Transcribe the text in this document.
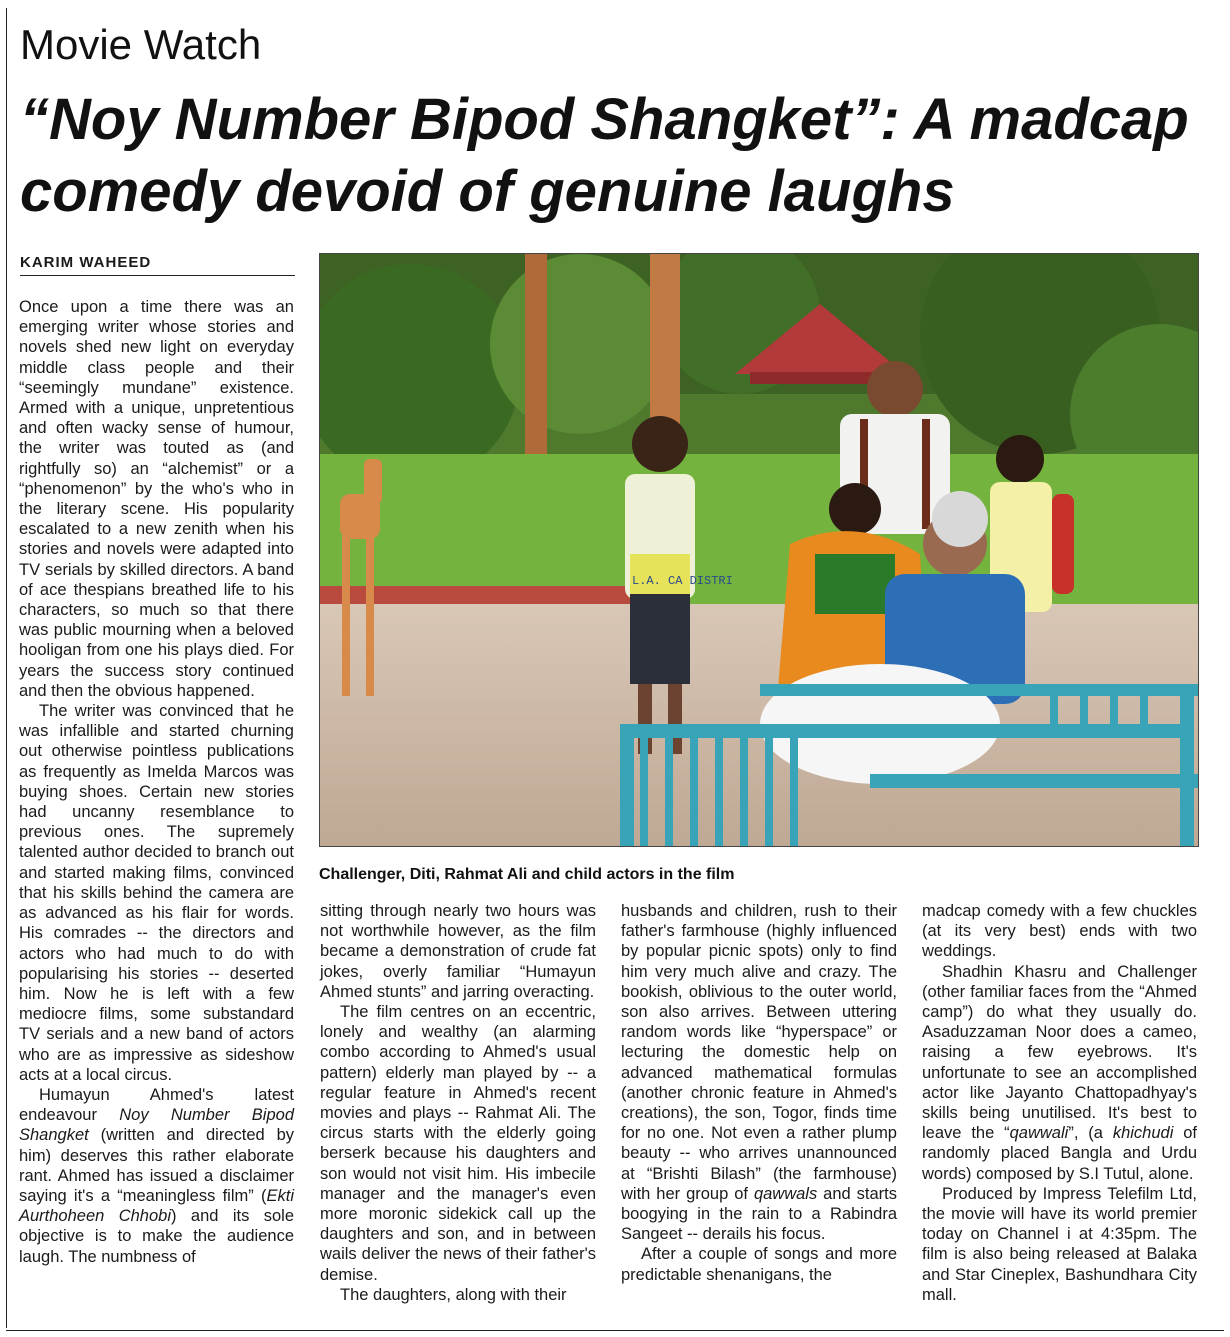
Movie Watch
“Noy Number Bipod Shangket”: A madcap comedy devoid of genuine laughs
KARIM WAHEED
L.A. CA DISTRI
Challenger, Diti, Rahmat Ali and child actors in the film

Once upon a time there was an emerging writer whose stories and novels shed new light on everyday middle class people and their “seemingly mundane” existence. Armed with a unique, unpretentious and often wacky sense of humour, the writer was touted as (and rightfully so) an “alchemist” or a “phenomenon” by the who's who in the literary scene. His popularity escalated to a new zenith when his stories and novels were adapted into TV serials by skilled directors. A band of ace thespians breathed life to his characters, so much so that there was public mourning when a beloved hooligan from one his plays died. For years the success story continued and then the obvious happened.

The writer was convinced that he was infallible and started churning out otherwise pointless publications as frequently as Imelda Marcos was buying shoes. Certain new stories had uncanny resemblance to previous ones. The supremely talented author decided to branch out and started making films, convinced that his skills behind the camera are as advanced as his flair for words. His comrades -- the directors and actors who had much to do with popularising his stories -- deserted him. Now he is left with a few mediocre films, some substandard TV serials and a new band of actors who are as impressive as sideshow acts at a local circus.

Humayun Ahmed's latest endeavour Noy Number Bipod Shangket (written and directed by him) deserves this rather elaborate rant. Ahmed has issued a disclaimer saying it's a “meaningless film” (Ekti Aurthoheen Chhobi) and its sole objective is to make the audience laugh. The numbness of

sitting through nearly two hours was not worthwhile however, as the film became a demonstration of crude fat jokes, overly familiar “Humayun Ahmed stunts” and jarring overacting.

The film centres on an eccentric, lonely and wealthy (an alarming combo according to Ahmed's usual pattern) elderly man played by -- a regular feature in Ahmed's recent movies and plays -- Rahmat Ali. The circus starts with the elderly going berserk because his daughters and son would not visit him. His imbecile manager and the manager's even more moronic sidekick call up the daughters and son, and in between wails deliver the news of their father's demise.

The daughters, along with their

husbands and children, rush to their father's farmhouse (highly influenced by popular picnic spots) only to find him very much alive and crazy. The bookish, oblivious to the outer world, son also arrives. Between uttering random words like “hyperspace” or lecturing the domestic help on advanced mathematical formulas (another chronic feature in Ahmed's creations), the son, Togor, finds time for no one. Not even a rather plump beauty -- who arrives unannounced at “Brishti Bilash” (the farmhouse) with her group of qawwals and starts boogying in the rain to a Rabindra Sangeet -- derails his focus.

After a couple of songs and more predictable shenanigans, the

madcap comedy with a few chuckles (at its very best) ends with two weddings.

Shadhin Khasru and Challenger (other familiar faces from the “Ahmed camp”) do what they usually do. Asaduzzaman Noor does a cameo, raising a few eyebrows. It's unfortunate to see an accomplished actor like Jayanto Chattopadhyay's skills being unutilised. It's best to leave the “qawwali”, (a khichudi of randomly placed Bangla and Urdu words) composed by S.I Tutul, alone.

Produced by Impress Telefilm Ltd, the movie will have its world premier today on Channel i at 4:35pm. The film is also being released at Balaka and Star Cineplex, Bashundhara City mall.
